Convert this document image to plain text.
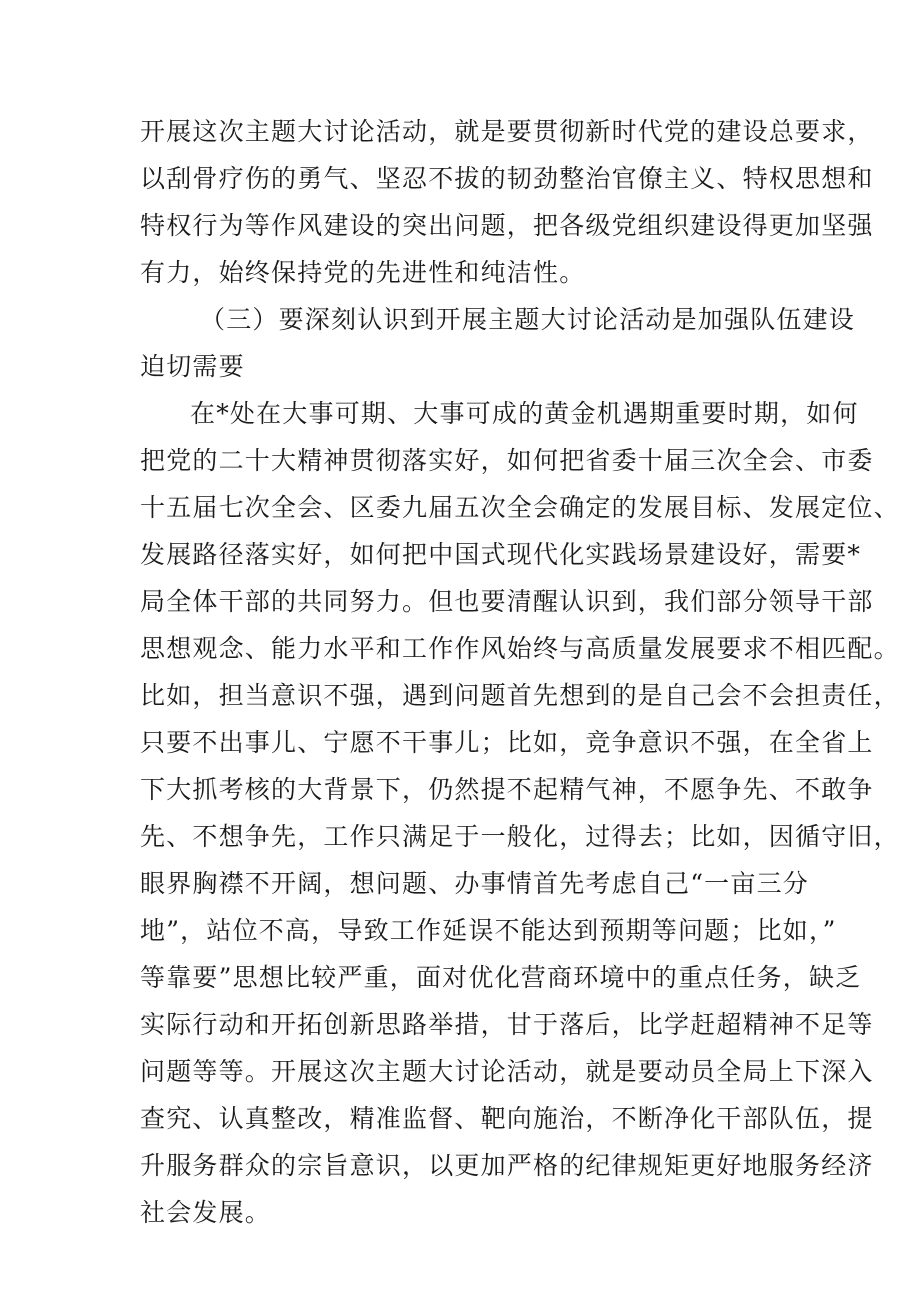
开展这次主题大讨论活动，就是要贯彻新时代党的建设总要求，
以刮骨疗伤的勇气、坚忍不拔的韧劲整治官僚主义、特权思想和
特权行为等作风建设的突出问题，把各级党组织建设得更加坚强
有力，始终保持党的先进性和纯洁性。
（三）要深刻认识到开展主题大讨论活动是加强队伍建设
迫切需要
在*处在大事可期、大事可成的黄金机遇期重要时期，如何
把党的二十大精神贯彻落实好，如何把省委十届三次全会、市委
十五届七次全会、区委九届五次全会确定的发展目标、发展定位、
发展路径落实好，如何把中国式现代化实践场景建设好，需要*
局全体干部的共同努力。但也要清醒认识到，我们部分领导干部
思想观念、能力水平和工作作风始终与高质量发展要求不相匹配。
比如，担当意识不强，遇到问题首先想到的是自己会不会担责任，
只要不出事儿、宁愿不干事儿；比如，竞争意识不强，在全省上
下大抓考核的大背景下，仍然提不起精气神，不愿争先、不敢争
先、不想争先，工作只满足于一般化，过得去；比如，因循守旧，
眼界胸襟不开阔，想问题、办事情首先考虑自己“一亩三分
地”，站位不高，导致工作延误不能达到预期等问题；比如，”
等靠要”思想比较严重，面对优化营商环境中的重点任务，缺乏
实际行动和开拓创新思路举措，甘于落后，比学赶超精神不足等
问题等等。开展这次主题大讨论活动，就是要动员全局上下深入
查究、认真整改，精准监督、靶向施治，不断净化干部队伍，提
升服务群众的宗旨意识，以更加严格的纪律规矩更好地服务经济
社会发展。
